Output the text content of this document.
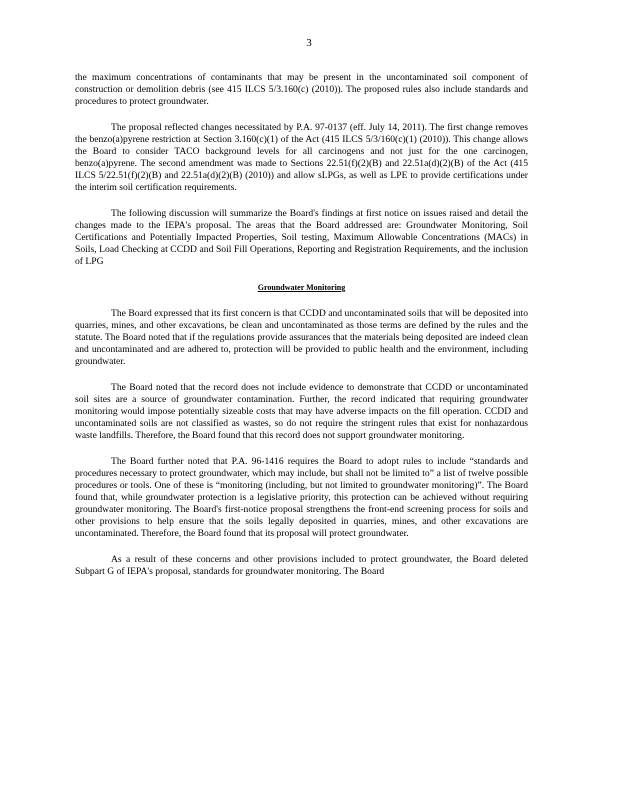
3

the maximum concentrations of contaminants that may be present in the uncontaminated soil component of construction or demolition debris (see 415 ILCS 5/3.160(c) (2010)). The proposed rules also include standards and procedures to protect groundwater.

The proposal reflected changes necessitated by P.A. 97-0137 (eff. July 14, 2011). The first change removes the benzo(a)pyrene restriction at Section 3.160(c)(1) of the Act (415 ILCS 5/3/160(c)(1) (2010)). This change allows the Board to consider TACO background levels for all carcinogens and not just for the one carcinogen, benzo(a)pyrene. The second amendment was made to Sections 22.51(f)(2)(B) and 22.51a(d)(2)(B) of the Act (415 ILCS 5/22.51(f)(2)(B) and 22.51a(d)(2)(B) (2010)) and allow sLPGs, as well as LPE to provide certifications under the interim soil certification requirements.

The following discussion will summarize the Board's findings at first notice on issues raised and detail the changes made to the IEPA's proposal. The areas that the Board addressed are: Groundwater Monitoring, Soil Certifications and Potentially Impacted Properties, Soil testing, Maximum Allowable Concentrations (MACs) in Soils, Load Checking at CCDD and Soil Fill Operations, Reporting and Registration Requirements, and the inclusion of LPG

Groundwater Monitoring

The Board expressed that its first concern is that CCDD and uncontaminated soils that will be deposited into quarries, mines, and other excavations, be clean and uncontaminated as those terms are defined by the rules and the statute. The Board noted that if the regulations provide assurances that the materials being deposited are indeed clean and uncontaminated and are adhered to, protection will be provided to public health and the environment, including groundwater.

The Board noted that the record does not include evidence to demonstrate that CCDD or uncontaminated soil sites are a source of groundwater contamination. Further, the record indicated that requiring groundwater monitoring would impose potentially sizeable costs that may have adverse impacts on the fill operation. CCDD and uncontaminated soils are not classified as wastes, so do not require the stringent rules that exist for nonhazardous waste landfills. Therefore, the Board found that this record does not support groundwater monitoring.

The Board further noted that P.A. 96-1416 requires the Board to adopt rules to include “standards and procedures necessary to protect groundwater, which may include, but shall not be limited to” a list of twelve possible procedures or tools. One of these is “monitoring (including, but not limited to groundwater monitoring)”. The Board found that, while groundwater protection is a legislative priority, this protection can be achieved without requiring groundwater monitoring. The Board's first-notice proposal strengthens the front-end screening process for soils and other provisions to help ensure that the soils legally deposited in quarries, mines, and other excavations are uncontaminated. Therefore, the Board found that its proposal will protect groundwater.

As a result of these concerns and other provisions included to protect groundwater, the Board deleted Subpart G of IEPA's proposal, standards for groundwater monitoring. The Board
